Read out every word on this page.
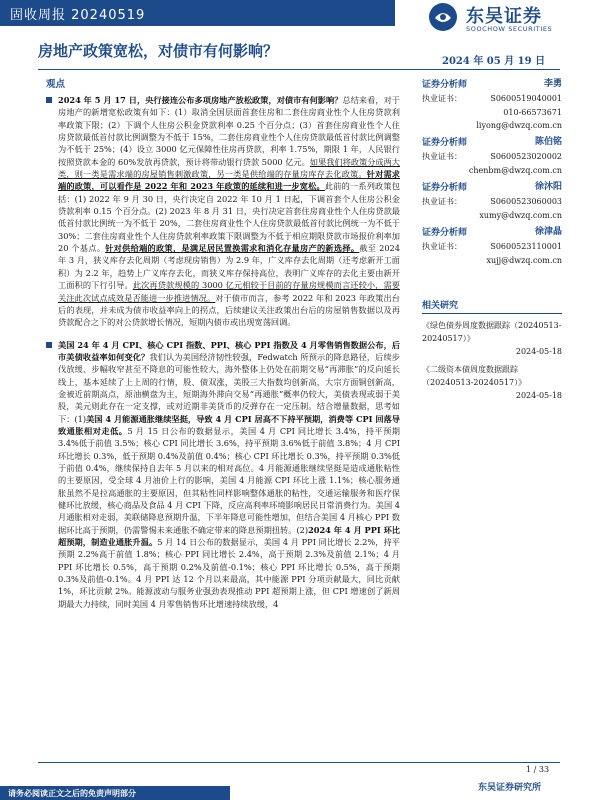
固收周报 20240519	东吴证券
SOOCHOW SECURITIES
房地产政策宽松，对债市有何影响？
2024 年 05 月 19 日
观点
2024 年 5 月 17 日，央行接连公布多项房地产放松政策，对债市有何影响？总结来看，对于房地产的新增宽松政策有如下：(1）取消全国层面首套住房和二套住房商业性个人住房贷款利率政策下限；(2）下调个人住房公积金贷款利率 0.25 个百分点；(3）首套住房商业性个人住房贷款最低首付款比例调整为不低于 15%，二套住房商业性个人住房贷款最低首付款比例调整为不低于 25%；(4）设立 3000 亿元保障性住房再贷款，利率 1.75%，期限 1 年，人民银行按照贷款本金的 60%发放再贷款，预计将带动银行贷款 5000 亿元。如果我们将政策分成两大类，则一类是需求端的房屋销售刺激政策，另一类是供给端的存量房库存去化政策。针对需求端的政策，可以看作是 2022 年和 2023 年政策的延续和进一步宽松。此前的一系列政策包括：(1) 2022 年 9 月 30 日，央行决定自 2022 年 10 月 1 日起，下调首套个人住房公积金贷款利率 0.15 个百分点。(2) 2023 年 8 月 31 日，央行决定首套住房商业性个人住房贷款最低首付款比例统一为不低于 20%，二套住房商业性个人住房贷款最低首付款比例统一为不低于 30%；二套住房商业性个人住房贷款利率政策下限调整为不低于相应期限贷款市场报价利率加 20 个基点。针对供给端的政策，是满足居民置换需求和消化存量房产的新选择。截至 2024 年 3 月，狭义库存去化周期（考虑现房销售）为 2.9 年，广义库存去化周期（还考虑新开工面积）为 2.2 年，趋势上广义库存去化，而狭义库存保持高位，表明广义库存的去化主要由新开工面积的下行引导。此次再贷款规模的 3000 亿元相较于目前的存量房规模而言还较小，需要关注此次试点成效是否能进一步推进情况。对于债市而言，参考 2022 年和 2023 年政策出台后的表现，并未成为债市收益率向上的拐点，后续建议关注政策出台后的房屋销售数据以及再贷款配合之下的对公贷款增长情况，短期内债市或出现宽荡回调。
美国 24 年 4 月 CPI、核心 CPI 指数、PPI、核心 PPI 指数及 4 月零售销售数据公布，后市美债收益率如何变化？我们认为美国经济韧性较强，Fedwatch 所预示的降息路径，后续步伐放缓、步幅收窄甚至不降息的可能性较大，海外整体上仍处在前期交易“再滞胀”的反向延长线上，基本延续了上上周的行情，股、债双涨，美股三大指数均创新高，大宗方面铜创新高，金被近前期高点，原油横盘为主，短期海外滞向交易“再通胀”概率仍较大，美债表现或弱于美股，美元则此存在一定支撑，或对近期非美货币的反弹存在一定压制。结合增量数据，思考如下：(1)美国 4 月能源通胀继续坚挺，导致 4 月 CPI 居高不下持平预期，消费等 CPI 回落导致通胀相对走低。5 月 15 日公布的数据显示，美国 4 月 CPI 同比增长 3.4%，持平预期 3.4%低于前值 3.5%；核心 CPI 同比增长 3.6%，持平预期 3.6%低于前值 3.8%；4 月 CPI 环比增长 0.3%，低于预期 0.4%及前值 0.4%；核心 CPI 环比增长 0.3%，持平预期 0.3%低于前值 0.4%，继续保持自去年 5 月以来的相对高位。4 月能源通胀继续坚挺是造成通胀粘性的主要原因，受全球 4 月油价上行的影响，美国 4 月能源 CPI 环比上涨 1.1%；核心服务通胀虽然不是拉高通胀的主要原因，但其粘性同样影响整体通胀的粘性，交通运输服务和医疗保健环比放缓，核心商品及食品 4 月 CPI 下降，反应高利率环境影响居民日常消费行为。美国 4 月通胀相对走弱，美联储降息预期升温，下半年降息可能性增加，但结合美国 4 月核心 PPI 数据环比高于预期，仍需警惕未来通胀不确定带来的降息预期扭转。(2)2024 年 4 月 PPI 环比超预期，制造业通胀升温。5 月 14 日公布的数据显示，美国 4 月 PPI 同比增长 2.2%，持平预期 2.2%高于前值 1.8%；核心 PPI 同比增长 2.4%，高于预期 2.3%及前值 2.1%；4 月 PPI 环比增长 0.5%，高于预期 0.2%及前值-0.1%；核心 PPI 环比增长 0.5%，高于预期 0.3%及前值-0.1%。4 月 PPI 达 12 个月以来最高，其中能源 PPI 分项贡献最大，同比贡献 1%，环比贡献 2%。能源波动与服务业强劲表现推动 PPI 超预期上涨，但 CPI 增速创了新周期最大力持续，同时美国 4 月零售销售环比增速持续放缓，4
证券分析师	李勇
执业证书：	S0600519040001
010-66573671
liyong@dwzq.com.cn
证券分析师	陈伯铭
执业证书：	S0600523020002
chenbm@dwzq.com.cn
证券分析师	徐沐阳
执业证书：	S0600523060003
xumy@dwzq.com.cn
证券分析师	徐津晶
执业证书：	S0600523110001
xujj@dwzq.com.cn
相关研究
《绿色债券周度数据跟踪（20240513-20240517）》
2024-05-18
《二级资本债周度数据跟踪（20240513-20240517）》
2024-05-18
1 / 33
东吴证券研究所
请务必阅读正文之后的免责声明部分
